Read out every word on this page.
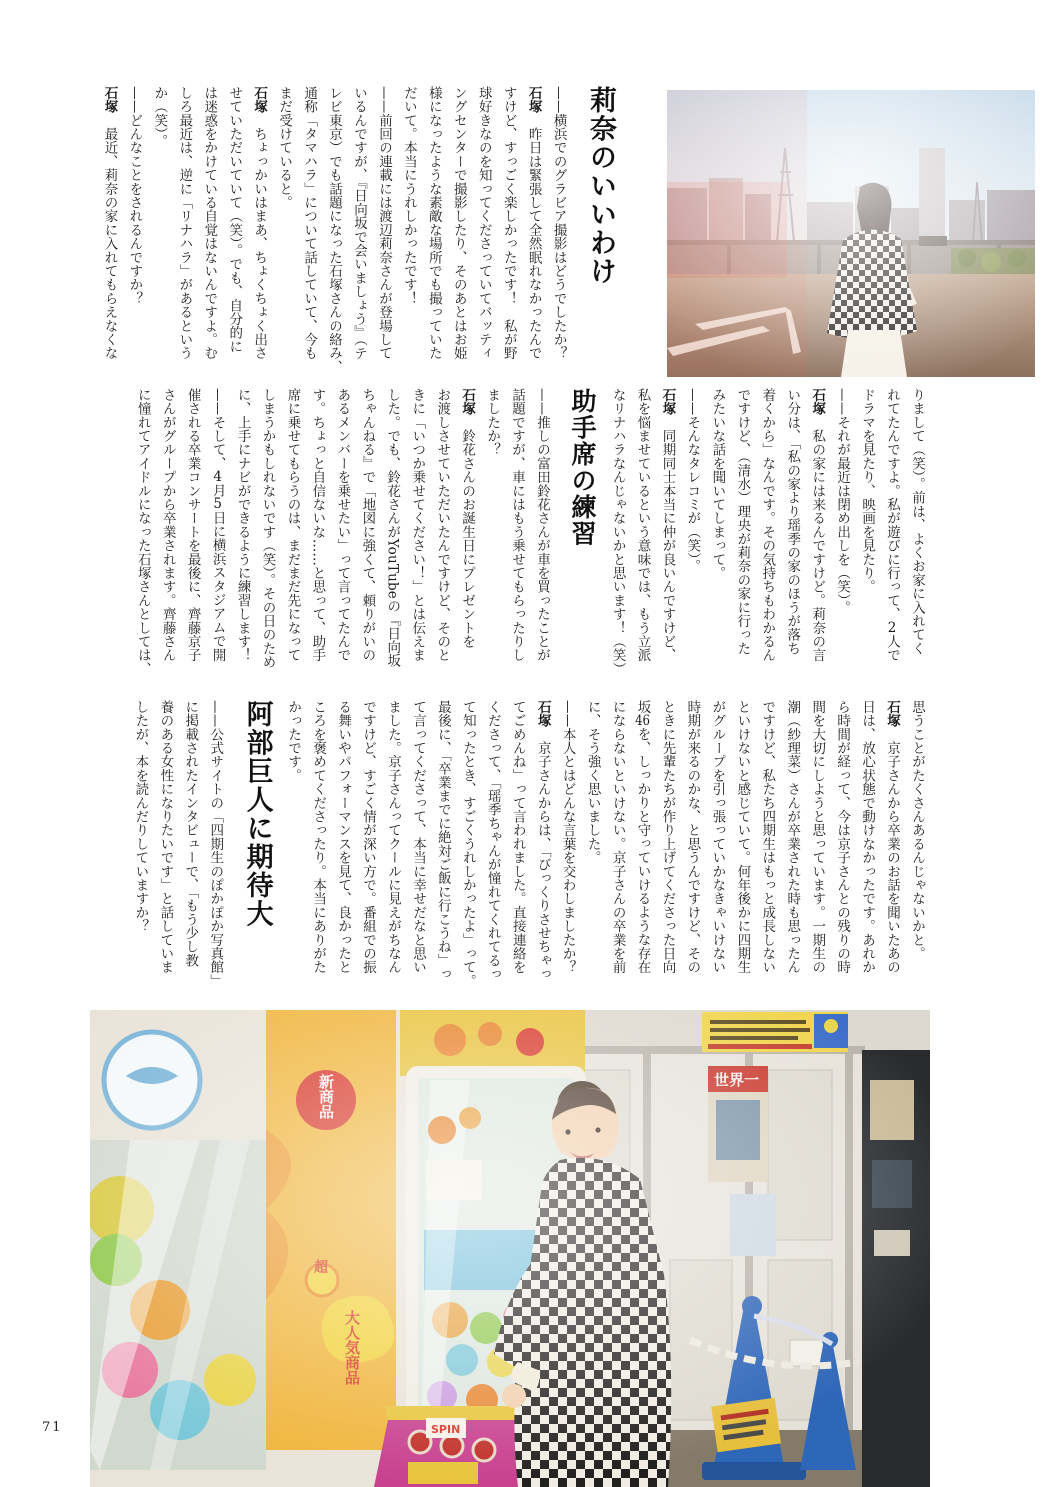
莉奈のいいわけ
——横浜でのグラビア撮影はどうでしたか？
石塚　昨日は緊張して全然眠れなかったんで
すけど、すっごく楽しかったです！　私が野
球好きなのを知ってくださっていてバッティ
ングセンターで撮影したり、そのあとはお姫
様になったような素敵な場所でも撮っていた
だいて。本当にうれしかったです！
——前回の連載には渡辺莉奈さんが登場して
いるんですが、『日向坂で会いましょう』（テ
レビ東京）でも話題になった石塚さんの絡み、
通称「タマハラ」について話していて、今も
まだ受けていると。
石塚　ちょっかいはまあ、ちょくちょく出さ
せていただいていて（笑）。でも、自分的に
は迷惑をかけている自覚はないんですよ。む
しろ最近は、逆に「リナハラ」があるという
か（笑）。
——どんなことをされるんですか？
石塚　最近、莉奈の家に入れてもらえなくな
りまして（笑）。前は、よくお家に入れてく
れてたんですよ。私が遊びに行って、2人で
ドラマを見たり、映画を見たり。
——それが最近は閉め出しを（笑）。
石塚　私の家には来るんですけど。莉奈の言
い分は、「私の家より瑶季の家のほうが落ち
着くから」なんです。その気持ちもわかるん
ですけど、（清水）理央が莉奈の家に行った
みたいな話を聞いてしまって。
——そんなタレコミが（笑）。
石塚　同期同士本当に仲が良いんですけど、
私を悩ませているという意味では、もう立派
なリナハラなんじゃないかと思います！（笑）
助手席の練習
——推しの富田鈴花さんが車を買ったことが
話題ですが、車にはもう乗せてもらったりし
ましたか？
石塚　鈴花さんのお誕生日にプレゼントを
お渡しさせていただいたんですけど、そのと
きに「いつか乗せてください！」とは伝えま
した。でも、鈴花さんがYouTubeの『日向坂
ちゃんねる』で「地図に強くて、頼りがいの
あるメンバーを乗せたい」って言ってたんで
す。ちょっと自信ないな……と思って、助手
席に乗せてもらうのは、まだまだ先になって
しまうかもしれないです（笑）。その日のため
に、上手にナビができるように練習します！
——そして、4月5日に横浜スタジアムで開
催される卒業コンサートを最後に、齊藤京子
さんがグループから卒業されます。齊藤さん
に憧れてアイドルになった石塚さんとしては、
思うことがたくさんあるんじゃないかと。
石塚　京子さんから卒業のお話を聞いたあの
日は、放心状態で動けなかったです。あれか
ら時間が経って、今は京子さんとの残りの時
間を大切にしようと思っています。一期生の
潮（紗理菜）さんが卒業された時も思ったん
ですけど、私たち四期生はもっと成長しない
といけないと感じていて。何年後かに四期生
がグループを引っ張っていかなきゃいけない
時期が来るのかな、と思うんですけど、その
ときに先輩たちが作り上げてくださった日向
坂46を、しっかりと守っていけるような存在
にならないといけない。京子さんの卒業を前
に、そう強く思いました。
——本人とはどんな言葉を交わしましたか？
石塚　京子さんからは、「びっくりさせちゃっ
てごめんね」って言われました。直接連絡を
くださって、「瑶季ちゃんが憧れてくれてるっ
て知ったとき、すごくうれしかったよ」って。
最後に、「卒業までに絶対ご飯に行こうね」っ
て言ってくださって、本当に幸せだなと思い
ました。京子さんってクールに見えがちなん
ですけど、すごく情が深い方で。番組での振
る舞いやパフォーマンスを見て、良かったと
ころを褒めてくださったり。本当にありがた
かったです。
阿部巨人に期待大
——公式サイトの「四期生のぽかぽか写真館」
に掲載されたインタビューで、「もう少し教
養のある女性になりたいです」と話していま
したが、本を読んだりしていますか？
71
